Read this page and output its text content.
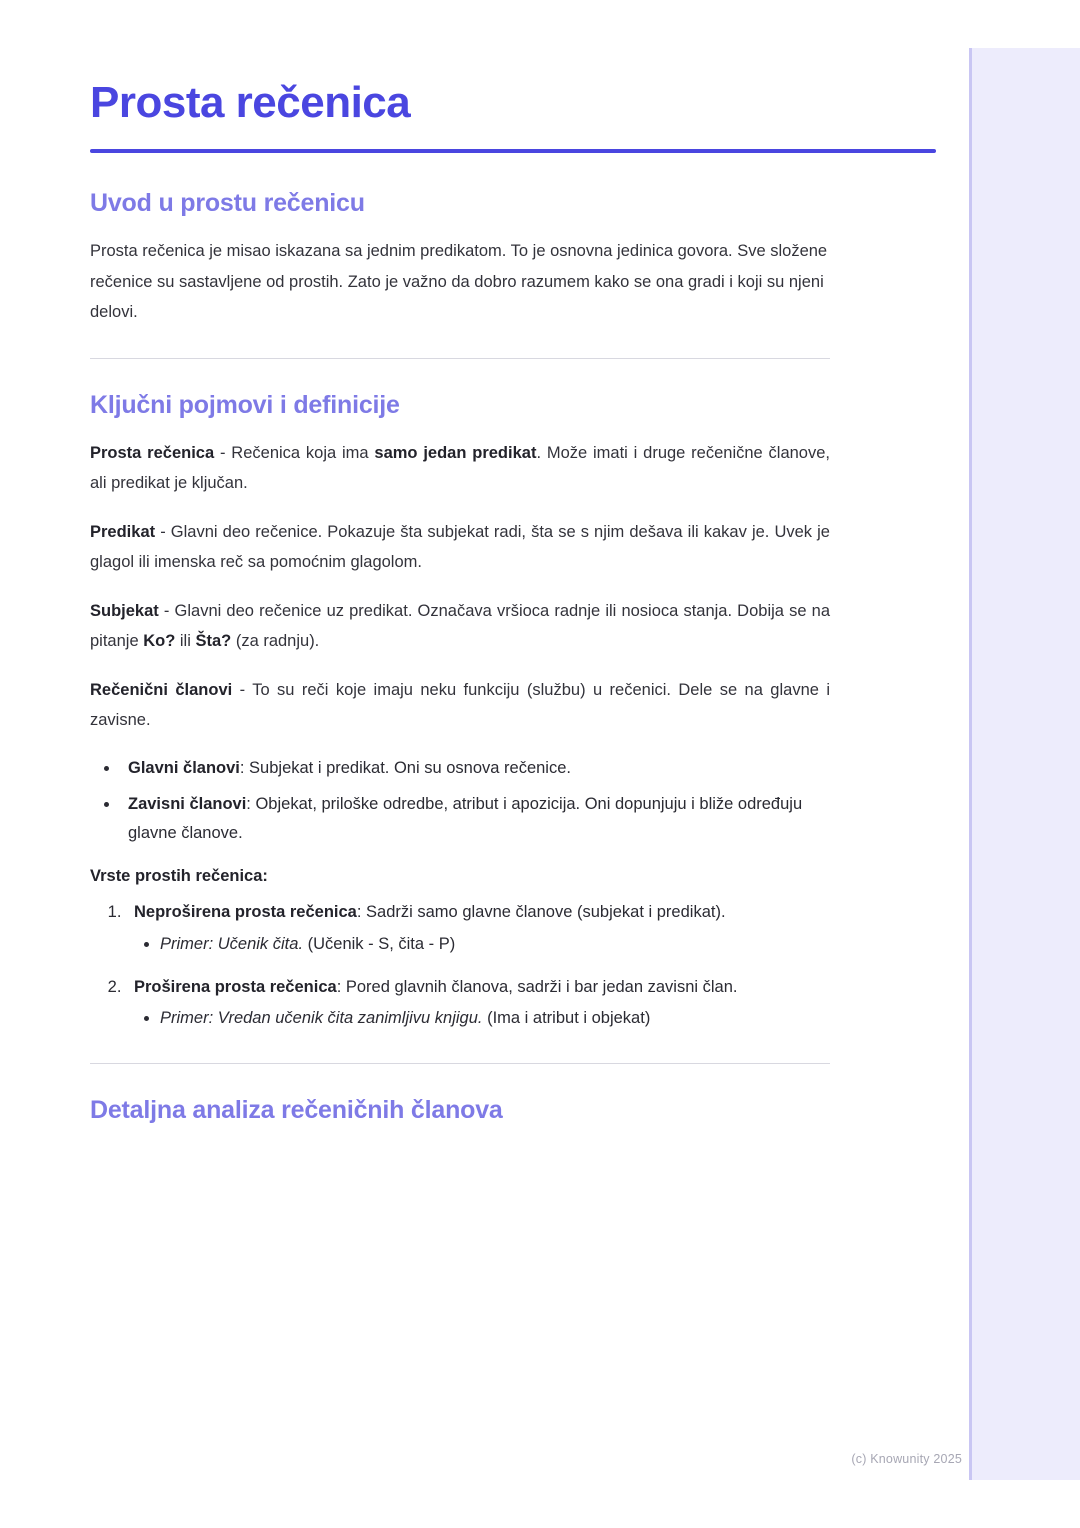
Prosta rečenica
Uvod u prostu rečenicu

Prosta rečenica je misao iskazana sa jednim predikatom. To je osnovna jedinica govora. Sve složene rečenice su sastavljene od prostih. Zato je važno da dobro razumem kako se ona gradi i koji su njeni delovi.

Ključni pojmovi i definicije

Prosta rečenica - Rečenica koja ima samo jedan predikat. Može imati i druge rečenične članove, ali predikat je ključan.

Predikat - Glavni deo rečenice. Pokazuje šta subjekat radi, šta se s njim dešava ili kakav je. Uvek je glagol ili imenska reč sa pomoćnim glagolom.

Subjekat - Glavni deo rečenice uz predikat. Označava vršioca radnje ili nosioca stanja. Dobija se na pitanje Ko? ili Šta? (za radnju).

Rečenični članovi - To su reči koje imaju neku funkciju (službu) u rečenici. Dele se na glavne i zavisne.

• Glavni članovi: Subjekat i predikat. Oni su osnova rečenice.
• Zavisni članovi: Objekat, priloške odredbe, atribut i apozicija. Oni dopunjuju i bliže određuju glavne članove.

Vrste prostih rečenica:

1. Neproširena prosta rečenica: Sadrži samo glavne članove (subjekat i predikat).
• Primer: Učenik čita. (Učenik - S, čita - P)
2. Proširena prosta rečenica: Pored glavnih članova, sadrži i bar jedan zavisni član.
• Primer: Vredan učenik čita zanimljivu knjigu. (Ima i atribut i objekat)
Detaljna analiza rečeničnih članova
(c) Knowunity 2025
